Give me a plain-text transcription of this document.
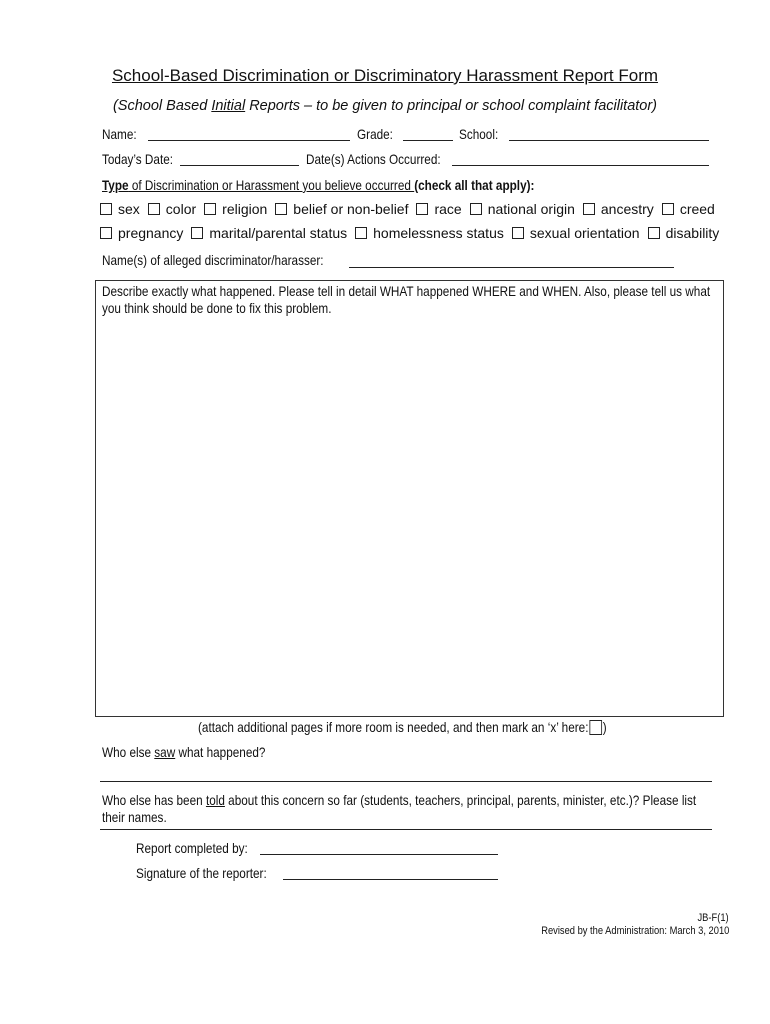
School-Based Discrimination or Discriminatory Harassment Report Form
(School Based Initial Reports – to be given to principal or school complaint facilitator)
Name:	Grade:	School:
Today’s Date:	Date(s) Actions Occurred:
Type of Discrimination or Harassment you believe occurred (check all that apply):
sex color religion belief or non-belief race national origin ancestry creed
pregnancy marital/parental status homelessness status sexual orientation disability
Name(s) of alleged discriminator/harasser:
Describe exactly what happened. Please tell in detail WHAT happened WHERE and WHEN. Also, please tell us what you think should be done to fix this problem.
(attach additional pages if more room is needed, and then mark an ‘x’ here: )
Who else saw what happened?
Who else has been told about this concern so far (students, teachers, principal, parents, minister, etc.)? Please list their names.
Report completed by:
Signature of the reporter:
JB-F(1)
Revised by the Administration: March 3, 2010
